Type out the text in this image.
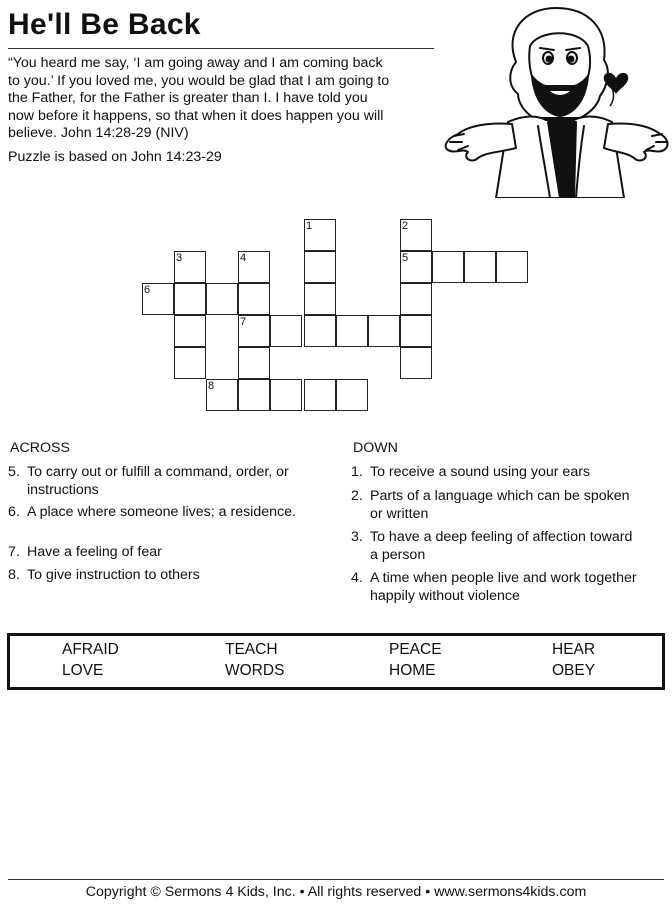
He'll Be Back
“You heard me say, ‘I am going away and I am coming back
to you.’ If you loved me, you would be glad that I am going to
the Father, for the Father is greater than I. I have told you
now before it happens, so that when it does happen you will
believe. John 14:28-29 (NIV)
Puzzle is based on John 14:23-29
1	2
3	4	5
6
7
8
ACROSS
5. To carry out or fulfill a command, order, or
instructions
6. A place where someone lives; a residence.
7. Have a feeling of fear
8. To give instruction to others
DOWN
1. To receive a sound using your ears
2. Parts of a language which can be spoken
or written
3. To have a deep feeling of affection toward
a person
4. A time when people live and work together
happily without violence
AFRAID	TEACH	PEACE	HEAR
LOVE	WORDS	HOME	OBEY
Copyright © Sermons 4 Kids, Inc. • All rights reserved • www.sermons4kids.com
